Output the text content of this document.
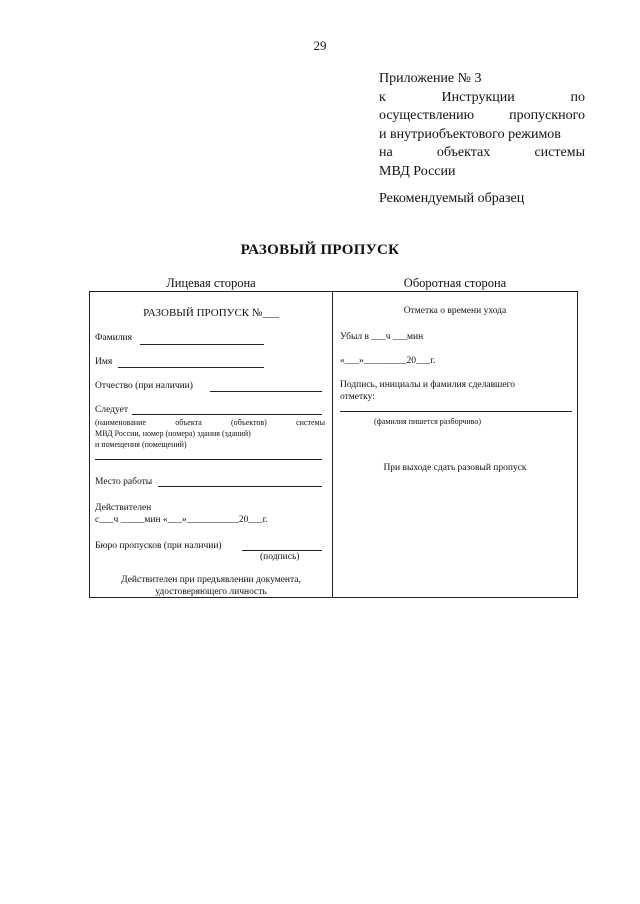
29
Приложение № 3
к	Инструкции	по
осуществлению пропускного
и внутриобъектового режимов
на	объектах	системы
МВД России
Рекомендуемый образец
РАЗОВЫЙ ПРОПУСК
Лицевая сторона	Оборотная сторона
РАЗОВЫЙ ПРОПУСК №___
Фамилия
Имя
Отчество (при наличии)
Следует
(наименование	объекта	(объектов)	системы
МВД России, номер (номера) здания (зданий)
и помещения (помещений)
Место работы
Действителен
с___ч _____мин «___»___________20___г.
Бюро пропусков (при наличии)
(подпись)
Действителен при предъявлении документа,
удостоверяющего личность
Отметка о времени ухода
Убыл в ___ч ___мин
«___»_________20___г.
Подпись, инициалы и фамилия сделавшего
отметку:
(фамилия пишется разборчиво)
При выходе сдать разовый пропуск
